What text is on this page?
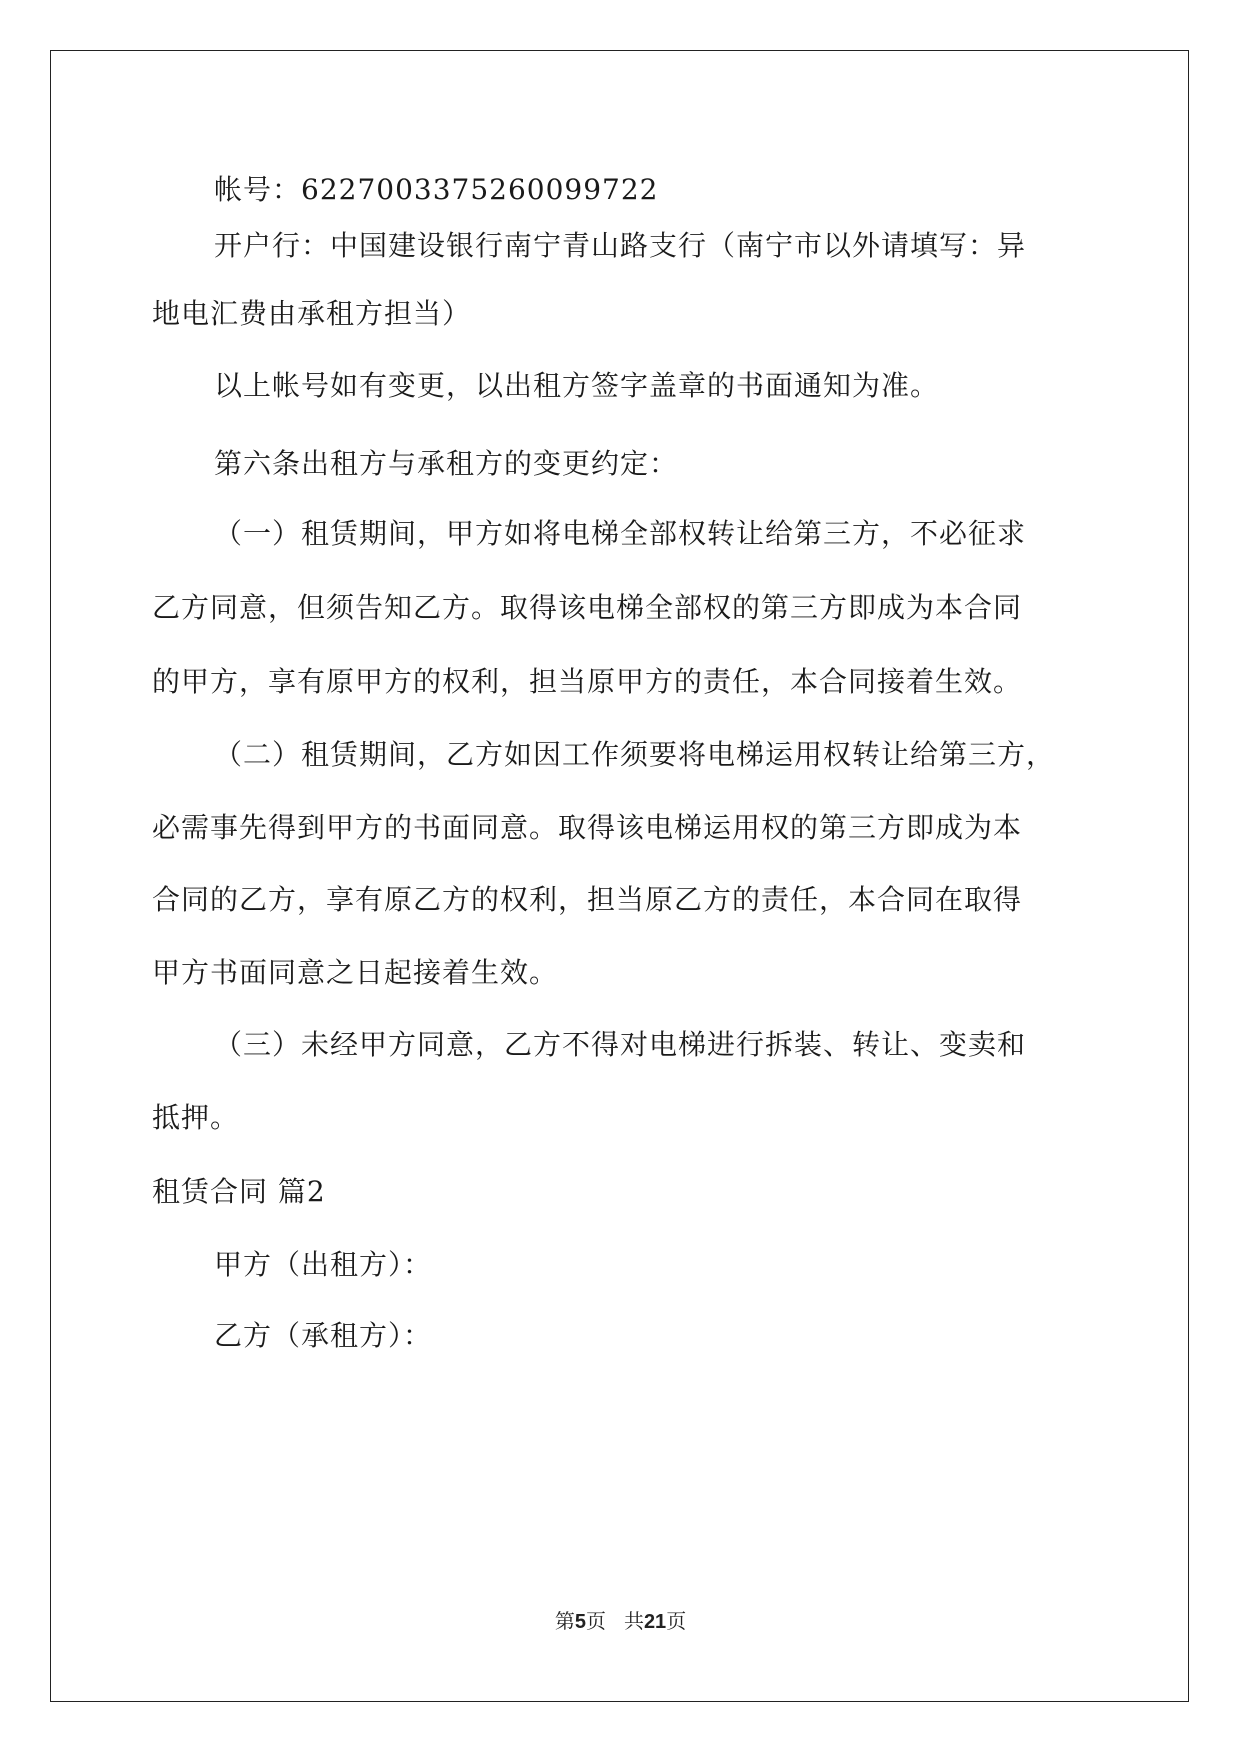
帐号：6227003375260099722
开户行：中国建设银行南宁青山路支行（南宁市以外请填写：异
地电汇费由承租方担当）
以上帐号如有变更，以出租方签字盖章的书面通知为准。
第六条出租方与承租方的变更约定：
（一）租赁期间，甲方如将电梯全部权转让给第三方，不必征求
乙方同意，但须告知乙方。取得该电梯全部权的第三方即成为本合同
的甲方，享有原甲方的权利，担当原甲方的责任，本合同接着生效。
（二）租赁期间，乙方如因工作须要将电梯运用权转让给第三方，
必需事先得到甲方的书面同意。取得该电梯运用权的第三方即成为本
合同的乙方，享有原乙方的权利，担当原乙方的责任，本合同在取得
甲方书面同意之日起接着生效。
（三）未经甲方同意，乙方不得对电梯进行拆装、转让、变卖和
抵押。
租赁合同 篇2
甲方（出租方）：
乙方（承租方）：
第5页 共21页
